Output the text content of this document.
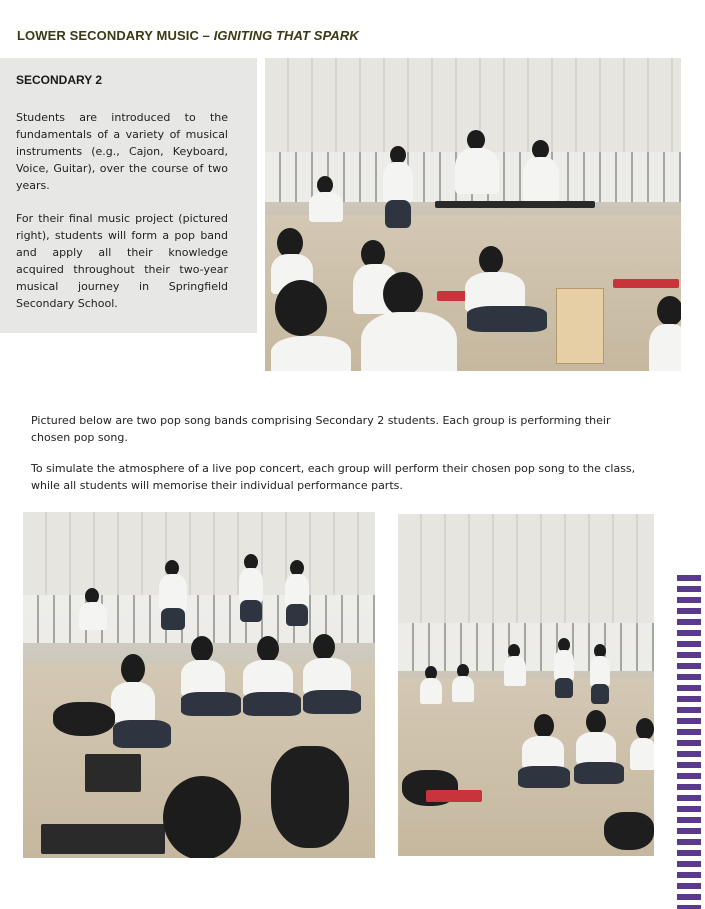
LOWER SECONDARY MUSIC – IGNITING THAT SPARK
SECONDARY 2
Students are introduced to the fundamentals of a variety of musical instruments (e.g., Cajon, Keyboard, Voice, Guitar), over the course of two years.
For their final music project (pictured right), students will form a pop band and apply all their knowledge acquired throughout their two-year musical journey in Springfield Secondary School.
Pictured below are two pop song bands comprising Secondary 2 students. Each group is performing their chosen pop song.
To simulate the atmosphere of a live pop concert, each group will perform their chosen pop song to the class, while all students will memorise their individual performance parts.
